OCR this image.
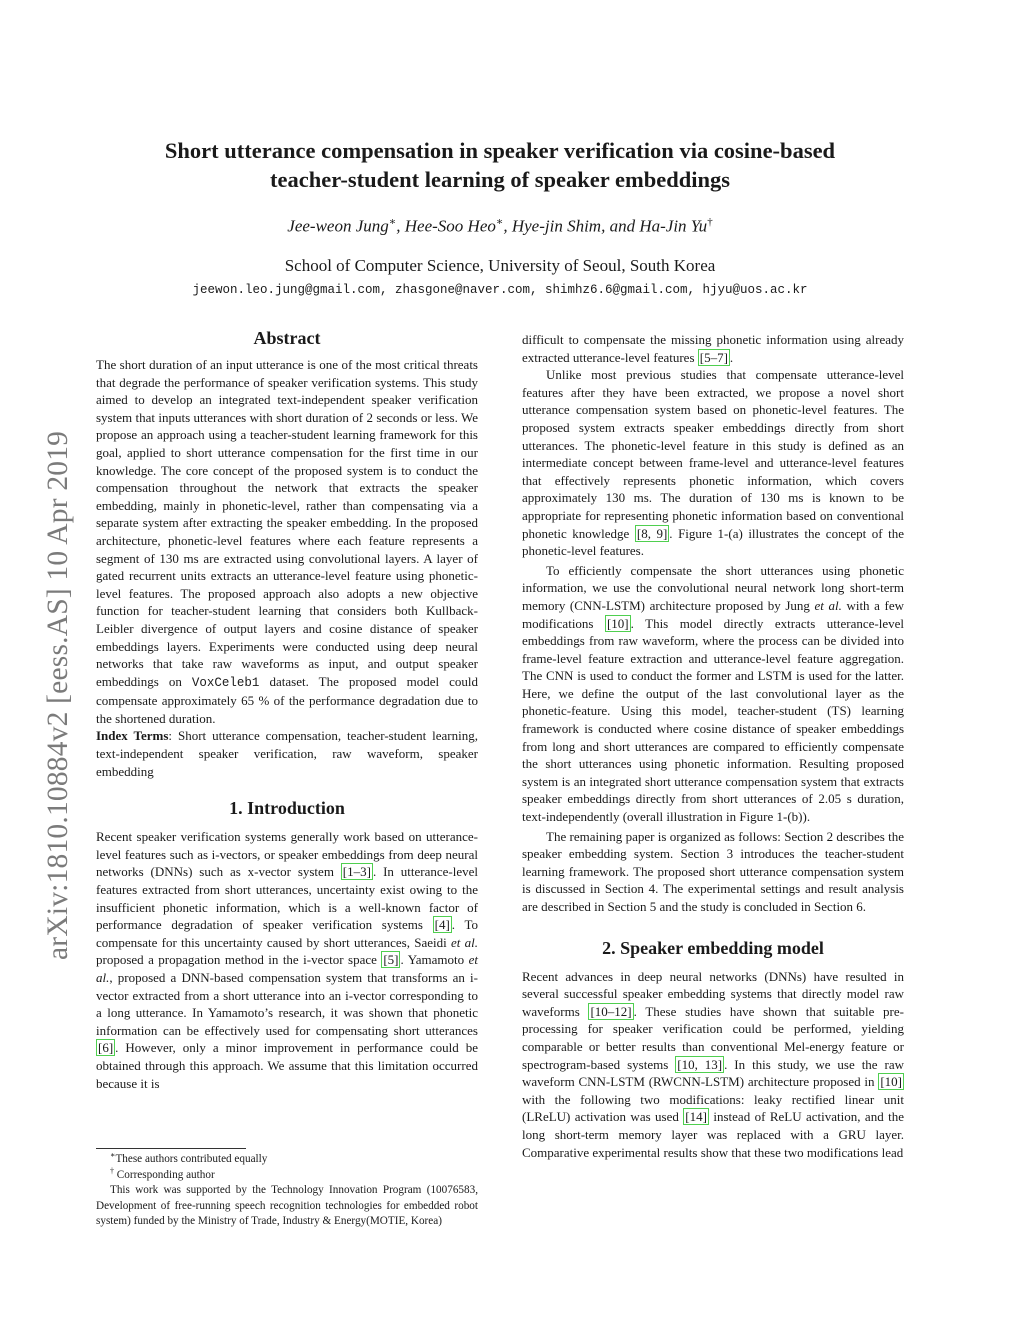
arXiv:1810.10884v2 [eess.AS] 10 Apr 2019
Short utterance compensation in speaker verification via cosine-based
teacher-student learning of speaker embeddings
Jee-weon Jung∗, Hee-Soo Heo∗, Hye-jin Shim, and Ha-Jin Yu†
School of Computer Science, University of Seoul, South Korea
jeewon.leo.jung@gmail.com, zhasgone@naver.com, shimhz6.6@gmail.com, hjyu@uos.ac.kr
Abstract

The short duration of an input utterance is one of the most critical threats that degrade the performance of speaker verification systems. This study aimed to develop an integrated text-independent speaker verification system that inputs utterances with short duration of 2 seconds or less. We propose an approach using a teacher-student learning framework for this goal, applied to short utterance compensation for the first time in our knowledge. The core concept of the proposed system is to conduct the compensation throughout the network that extracts the speaker embedding, mainly in phonetic-level, rather than compensating via a separate system after extracting the speaker embedding. In the proposed architecture, phonetic-level features where each feature represents a segment of 130 ms are extracted using convolutional layers. A layer of gated recurrent units extracts an utterance-level feature using phonetic-level features. The proposed approach also adopts a new objective function for teacher-student learning that considers both Kullback-Leibler divergence of output layers and cosine distance of speaker embeddings layers. Experiments were conducted using deep neural networks that take raw waveforms as input, and output speaker embeddings on VoxCeleb1 dataset. The proposed model could compensate approximately 65 % of the performance degradation due to the shortened duration.

Index Terms: Short utterance compensation, teacher-student learning, text-independent speaker verification, raw waveform, speaker embedding

1. Introduction

Recent speaker verification systems generally work based on utterance-level features such as i-vectors, or speaker embeddings from deep neural networks (DNNs) such as x-vector system [1–3] . In utterance-level features extracted from short utterances, uncertainty exist owing to the insufficient phonetic information, which is a well-known factor of performance degradation of speaker verification systems [4] . To compensate for this uncertainty caused by short utterances, Saeidi et al. proposed a propagation method in the i-vector space [5] . Yamamoto et al., proposed a DNN-based compensation system that transforms an i-vector extracted from a short utterance into an i-vector corresponding to a long utterance. In Yamamoto’s research, it was shown that phonetic information can be effectively used for compensating short utterances [6] . However, only a minor improvement in performance could be obtained through this approach. We assume that this limitation occurred because it is

∗These authors contributed equally

† Corresponding author

This work was supported by the Technology Innovation Program (10076583, Development of free-running speech recognition technologies for embedded robot system) funded by the Ministry of Trade, Industry & Energy(MOTIE, Korea)

difficult to compensate the missing phonetic information using already extracted utterance-level features [5–7] .

Unlike most previous studies that compensate utterance-level features after they have been extracted, we propose a novel short utterance compensation system based on phonetic-level features. The proposed system extracts speaker embeddings directly from short utterances. The phonetic-level feature in this study is defined as an intermediate concept between frame-level and utterance-level features that effectively represents phonetic information, which covers approximately 130 ms. The duration of 130 ms is known to be appropriate for representing phonetic information based on conventional phonetic knowledge [8, 9] . Figure 1-(a) illustrates the concept of the phonetic-level features.

To efficiently compensate the short utterances using phonetic information, we use the convolutional neural network long short-term memory (CNN-LSTM) architecture proposed by Jung et al. with a few modifications [10] . This model directly extracts utterance-level embeddings from raw waveform, where the process can be divided into frame-level feature extraction and utterance-level feature aggregation. The CNN is used to conduct the former and LSTM is used for the latter. Here, we define the output of the last convolutional layer as the phonetic-feature. Using this model, teacher-student (TS) learning framework is conducted where cosine distance of speaker embeddings from long and short utterances are compared to efficiently compensate the short utterances using phonetic information. Resulting proposed system is an integrated short utterance compensation system that extracts speaker embeddings directly from short utterances of 2.05 s duration, text-independently (overall illustration in Figure 1-(b)).

The remaining paper is organized as follows: Section 2 describes the speaker embedding system. Section 3 introduces the teacher-student learning framework. The proposed short utterance compensation system is discussed in Section 4. The experimental settings and result analysis are described in Section 5 and the study is concluded in Section 6.

2. Speaker embedding model

Recent advances in deep neural networks (DNNs) have resulted in several successful speaker embedding systems that directly model raw waveforms [10–12] . These studies have shown that suitable pre-processing for speaker verification could be performed, yielding comparable or better results than conventional Mel-energy feature or spectrogram-based systems [10, 13] . In this study, we use the raw waveform CNN-LSTM (RWCNN-LSTM) architecture proposed in [10] with the following two modifications: leaky rectified linear unit (LReLU) activation was used [14] instead of ReLU activation, and the long short-term memory layer was replaced with a GRU layer. Comparative experimental results show that these two modifications lead
